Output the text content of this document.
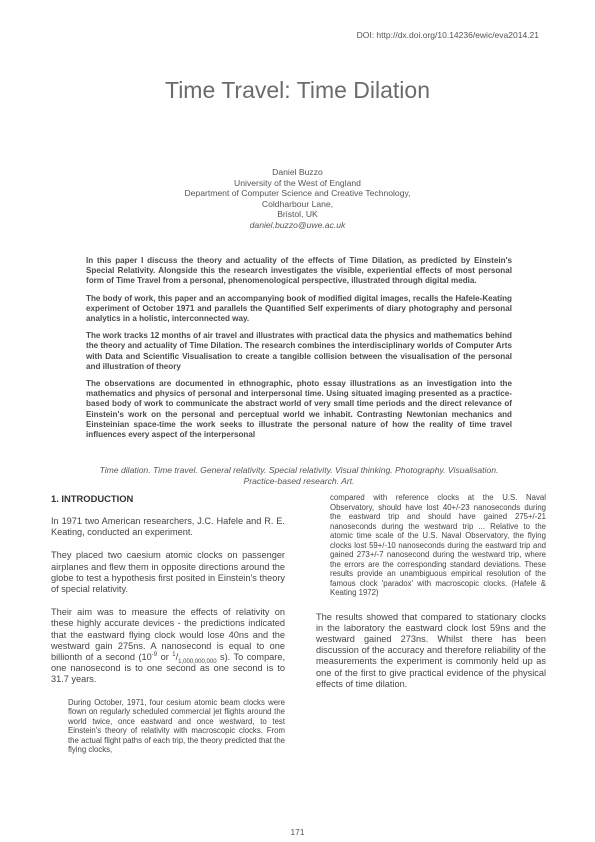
DOI: http://dx.doi.org/10.14236/ewic/eva2014.21
Time Travel: Time Dilation
Daniel Buzzo
University of the West of England
Department of Computer Science and Creative Technology,
Coldharbour Lane,
Bristol, UK
daniel.buzzo@uwe.ac.uk

In this paper I discuss the theory and actuality of the effects of Time Dilation, as predicted by Einstein's Special Relativity. Alongside this the research investigates the visible, experiential effects of most personal form of Time Travel from a personal, phenomenological perspective, illustrated through digital media.

The body of work, this paper and an accompanying book of modified digital images, recalls the Hafele-Keating experiment of October 1971 and parallels the Quantified Self experiments of diary photography and personal analytics in a holistic, interconnected way.

The work tracks 12 months of air travel and illustrates with practical data the physics and mathematics behind the theory and actuality of Time Dilation. The research combines the interdisciplinary worlds of Computer Arts with Data and Scientific Visualisation to create a tangible collision between the visualisation of the personal and illustration of theory

The observations are documented in ethnographic, photo essay illustrations as an investigation into the mathematics and physics of personal and interpersonal time. Using situated imaging presented as a practice-based body of work to communicate the abstract world of very small time periods and the direct relevance of Einstein's work on the personal and perceptual world we inhabit. Contrasting Newtonian mechanics and Einsteinian space-time the work seeks to illustrate the personal nature of how the reality of time travel influences every aspect of the interpersonal

Time dilation. Time travel. General relativity. Special relativity. Visual thinking. Photography. Visualisation. Practice-based research. Art.
1. INTRODUCTION

In 1971 two American researchers, J.C. Hafele and R. E. Keating, conducted an experiment.

They placed two caesium atomic clocks on passenger airplanes and flew them in opposite directions around the globe to test a hypothesis first posited in Einstein's theory of special relativity.

Their aim was to measure the effects of relativity on these highly accurate devices - the predictions indicated that the eastward flying clock would lose 40ns and the westward gain 275ns. A nanosecond is equal to one billionth of a second ($10^{-9}$ or $^1/_{1,000,000,000}$ s). To compare, one nanosecond is to one second as one second is to 31.7 years.

During October, 1971, four cesium atomic beam clocks were flown on regularly scheduled commercial jet flights around the world twice, once eastward and once westward, to test Einstein's theory of relativity with macroscopic clocks. From the actual flight paths of each trip, the theory predicted that the flying clocks,

compared with reference clocks at the U.S. Naval Observatory, should have lost 40+/-23 nanoseconds during the eastward trip and should have gained 275+/-21 nanoseconds during the westward trip ... Relative to the atomic time scale of the U.S. Naval Observatory, the flying clocks lost 59+/-10 nanoseconds during the eastward trip and gained 273+/-7 nanosecond during the westward trip, where the errors are the corresponding standard deviations. These results provide an unambiguous empirical resolution of the famous clock 'paradox' with macroscopic clocks. (Hafele & Keating 1972)

The results showed that compared to stationary clocks in the laboratory the eastward clock lost 59ns and the westward gained 273ns. Whilst there has been discussion of the accuracy and therefore reliability of the measurements the experiment is commonly held up as one of the first to give practical evidence of the physical effects of time dilation.

171
